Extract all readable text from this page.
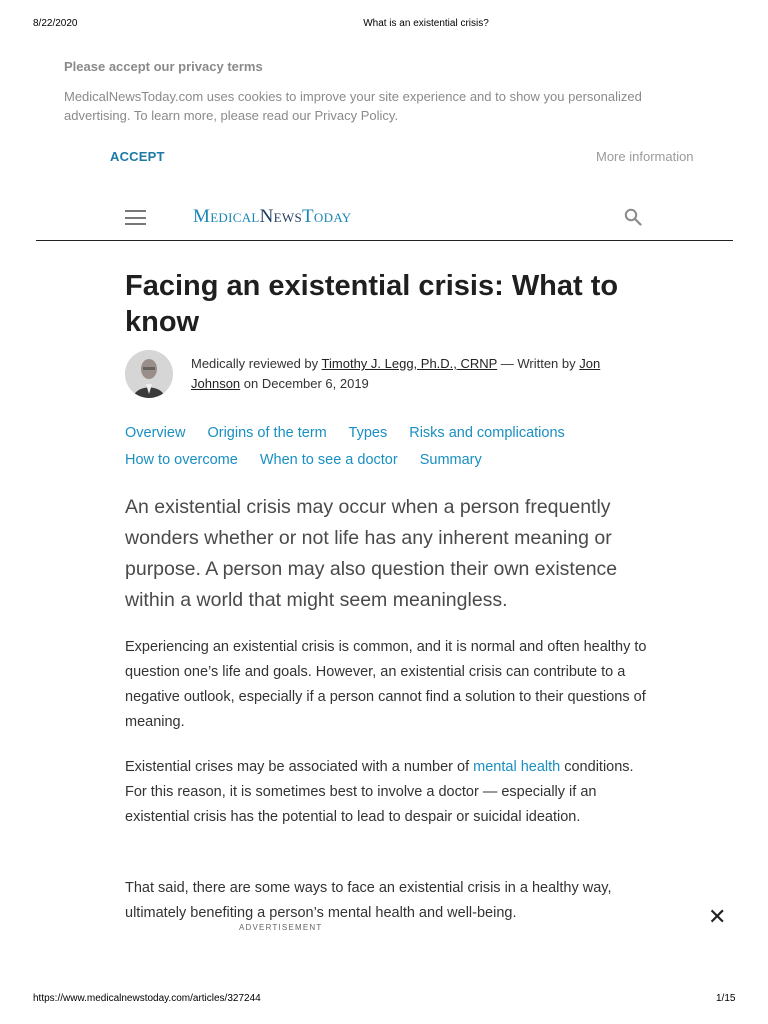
8/22/2020	What is an existential crisis?
Please accept our privacy terms
MedicalNewsToday.com uses cookies to improve your site experience and to show you personalized advertising. To learn more, please read our Privacy Policy.
ACCEPT	More information
MedicalNewsToday
Facing an existential crisis: What to know
Medically reviewed by Timothy J. Legg, Ph.D., CRNP — Written by Jon Johnson on December 6, 2019
Overview Origins of the term Types Risks and complications How to overcome When to see a doctor Summary

An existential crisis may occur when a person frequently wonders whether or not life has any inherent meaning or purpose. A person may also question their own existence within a world that might seem meaningless.

Experiencing an existential crisis is common, and it is normal and often healthy to question one’s life and goals. However, an existential crisis can contribute to a negative outlook, especially if a person cannot find a solution to their questions of meaning.

Existential crises may be associated with a number of mental health conditions. For this reason, it is sometimes best to involve a doctor — especially if an existential crisis has the potential to lead to despair or suicidal ideation.

That said, there are some ways to face an existential crisis in a healthy way, ultimately benefiting a person’s mental health and well-being.

ADVERTISEMENT	✕
https://www.medicalnewstoday.com/articles/327244	1/15
